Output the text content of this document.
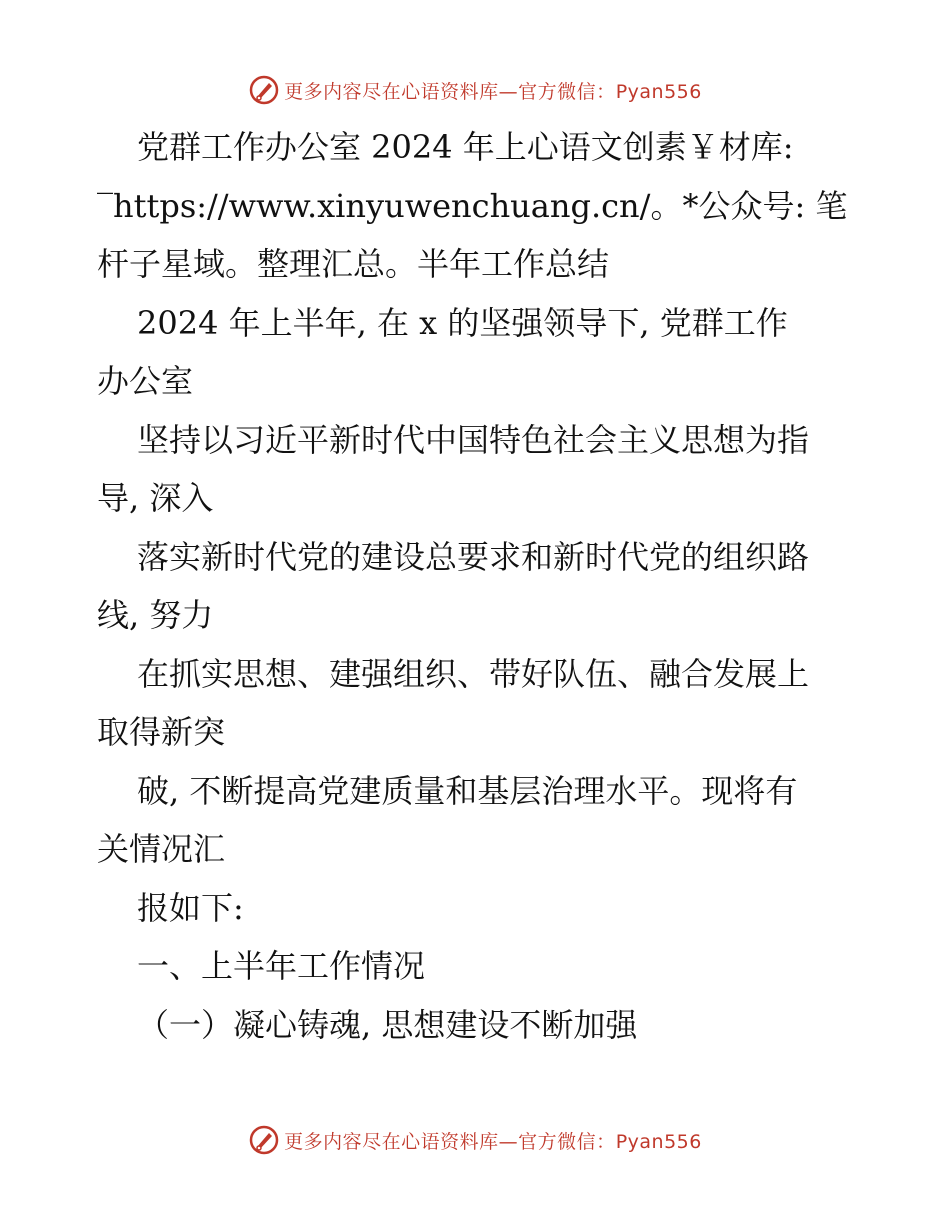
更多内容尽在心语资料库—官方微信：Pyan556

党群工作办公室 2024 年上心语文创素￥材库:

‾https://www.xinyuwenchuang.cn/。*公众号: 笔

杆子星域。整理汇总。半年工作总结

2024 年上半年, 在 x 的坚强领导下, 党群工作

办公室

坚持以习近平新时代中国特色社会主义思想为指

导, 深入

落实新时代党的建设总要求和新时代党的组织路

线, 努力

在抓实思想、建强组织、带好队伍、融合发展上

取得新突

破, 不断提高党建质量和基层治理水平。现将有

关情况汇

报如下:

一、上半年工作情况

（一）凝心铸魂, 思想建设不断加强

更多内容尽在心语资料库—官方微信：Pyan556
